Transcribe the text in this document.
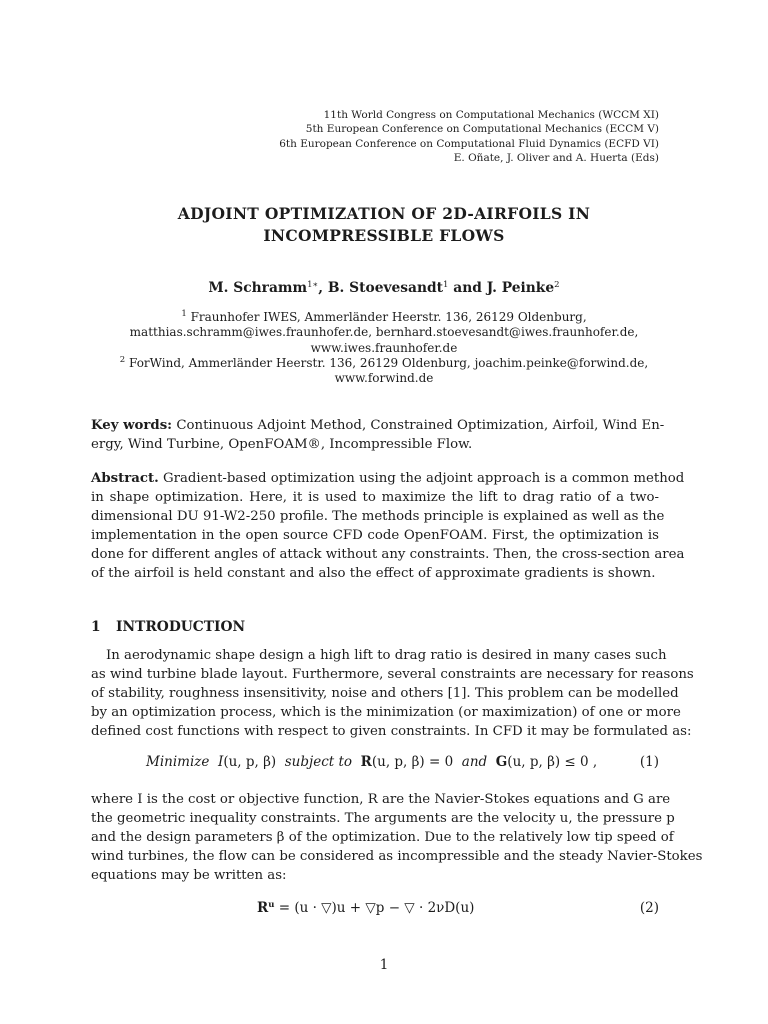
11th World Congress on Computational Mechanics (WCCM XI)
5th European Conference on Computational Mechanics (ECCM V)
6th European Conference on Computational Fluid Dynamics (ECFD VI)
E. Oñate, J. Oliver and A. Huerta (Eds)
ADJOINT OPTIMIZATION OF 2D-AIRFOILS IN
INCOMPRESSIBLE FLOWS
M. Schramm$^{1∗}$, B. Stoevesandt$^1$ and J. Peinke$^2$
$^1$ Fraunhofer IWES, Ammerländer Heerstr. 136, 26129 Oldenburg,
matthias.schramm@iwes.fraunhofer.de, bernhard.stoevesandt@iwes.fraunhofer.de,
www.iwes.fraunhofer.de
$^2$ ForWind, Ammerländer Heerstr. 136, 26129 Oldenburg, joachim.peinke@forwind.de,
www.forwind.de
Key words: Continuous Adjoint Method, Constrained Optimization, Airfoil, Wind En-
ergy, Wind Turbine, OpenFOAM®, Incompressible Flow.
Abstract. Gradient-based optimization using the adjoint approach is a common method
in shape optimization. Here, it is used to maximize the lift to drag ratio of a two-
dimensional DU 91-W2-250 profile. The methods principle is explained as well as the
implementation in the open source CFD code OpenFOAM. First, the optimization is
done for different angles of attack without any constraints. Then, the cross-section area
of the airfoil is held constant and also the effect of approximate gradients is shown.
1 INTRODUCTION
In aerodynamic shape design a high lift to drag ratio is desired in many cases such
as wind turbine blade layout. Furthermore, several constraints are necessary for reasons
of stability, roughness insensitivity, noise and others [1]. This problem can be modelled
by an optimization process, which is the minimization (or maximization) of one or more
defined cost functions with respect to given constraints. In CFD it may be formulated as:
Minimize I(u, p, β) subject to R(u, p, β) = 0 and G(u, p, β) ≤ 0 ,	(1)
where I is the cost or objective function, R are the Navier-Stokes equations and G are
the geometric inequality constraints. The arguments are the velocity u, the pressure p
and the design parameters β of the optimization. Due to the relatively low tip speed of
wind turbines, the flow can be considered as incompressible and the steady Navier-Stokes
equations may be written as:
$R^u = (u$ · ▽)u + ▽p − ▽ · 2νD(u)	(2)
1
